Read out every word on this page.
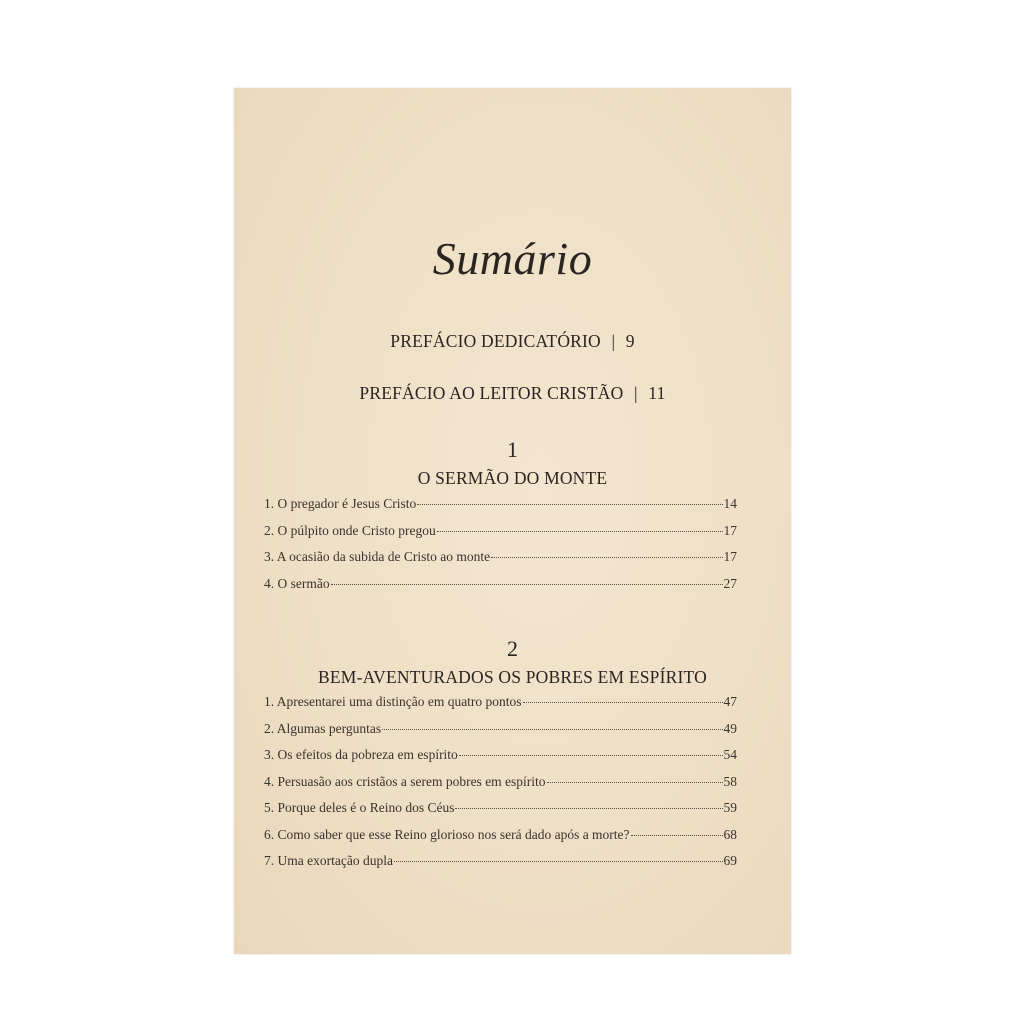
Sumário
PREFÁCIO DEDICATÓRIO | 9
PREFÁCIO AO LEITOR CRISTÃO | 11
1
O SERMÃO DO MONTE
1. O pregador é Jesus Cristo	14
2. O púlpito onde Cristo pregou	17
3. A ocasião da subida de Cristo ao monte	17
4. O sermão	27
2
BEM-AVENTURADOS OS POBRES EM ESPÍRITO
1. Apresentarei uma distinção em quatro pontos	47
2. Algumas perguntas	49
3. Os efeitos da pobreza em espírito	54
4. Persuasão aos cristãos a serem pobres em espírito	58
5. Porque deles é o Reino dos Céus	59
6. Como saber que esse Reino glorioso nos será dado após a morte?	68
7. Uma exortação dupla	69
